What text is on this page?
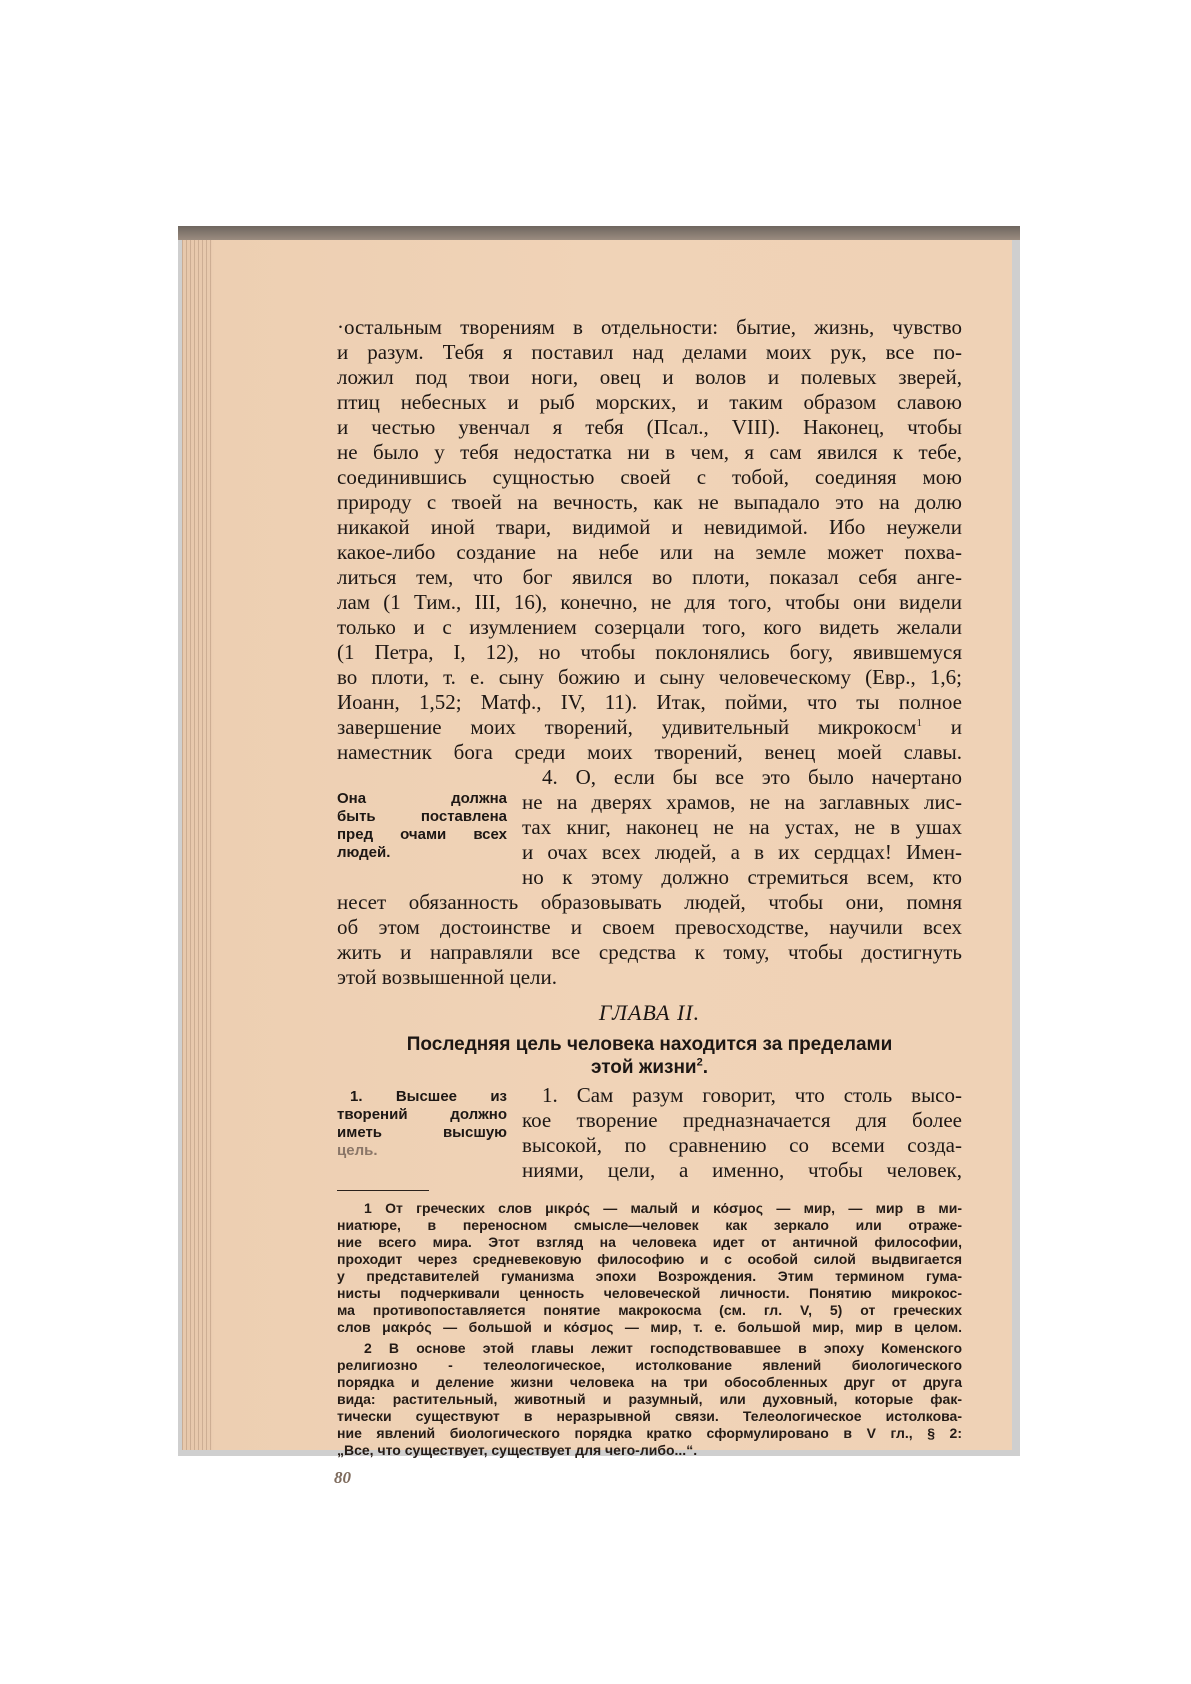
·остальным творениям в отдельности: бытие, жизнь, чувство
и разум. Тебя я поставил над делами моих рук, все по-
ложил под твои ноги, овец и волов и полевых зверей,
птиц небесных и рыб морских, и таким образом славою
и честью увенчал я тебя (Псал., VIII). Наконец, чтобы
не было у тебя недостатка ни в чем, я сам явился к тебе,
соединившись сущностью своей с тобой, соединяя мою
природу с твоей на вечность, как не выпадало это на долю
никакой иной твари, видимой и невидимой. Ибо неужели
какое-либо создание на небе или на земле может похва-
литься тем, что бог явился во плоти, показал себя анге-
лам (1 Тим., III, 16), конечно, не для того, чтобы они видели
только и с изумлением созерцали того, кого видеть желали
(1 Петра, I, 12), но чтобы поклонялись богу, явившемуся
во плоти, т. е. сыну божию и сыну человеческому (Евр., 1,6;
Иоанн, 1,52; Матф., IV, 11). Итак, пойми, что ты полное
завершение моих творений, удивительный микрокосм$^1$ и
наместник бога среди моих творений, венец моей славы.
4. О, если бы все это было начертано
не на дверях храмов, не на заглавных лис-
тах книг, наконец не на устах, не в ушах
и очах всех людей, а в их сердцах! Имен-
но к этому должно стремиться всем, кто
Она должна
быть поставлена
пред очами всех
людей.
несет обязанность образовывать людей, чтобы они, помня
об этом достоинстве и своем превосходстве, научили всех
жить и направляли все средства к тому, чтобы достигнуть
этой возвышенной цели.
ГЛАВА II.
Последняя цель человека находится за пределами
этой жизни$^2$.
1. Сам разум говорит, что столь высо-
кое творение предназначается для более
высокой, по сравнению со всеми созда-
ниями, цели, а именно, чтобы человек,
1. Высшее из
творений должно
иметь высшую
цель.
1 От греческих слов μικρός — малый и κόσμος — мир, — мир в ми-
ниатюре, в переносном смысле—человек как зеркало или отраже-
ние всего мира. Этот взгляд на человека идет от античной философии,
проходит через средневековую философию и с особой силой выдвигается
у представителей гуманизма эпохи Возрождения. Этим термином гума-
нисты подчеркивали ценность человеческой личности. Понятию микрокос-
ма противопоставляется понятие макрокосма (см. гл. V, 5) от греческих
слов μακρός — большой и κόσμος — мир, т. е. большой мир, мир в целом.
2 В основе этой главы лежит господствовавшее в эпоху Коменского
религиозно - телеологическое, истолкование явлений биологического
порядка и деление жизни человека на три обособленных друг от друга
вида: растительный, животный и разумный, или духовный, которые фак-
тически существуют в неразрывной связи. Телеологическое истолкова-
ние явлений биологического порядка кратко сформулировано в V гл., § 2:
„Все, что существует, существует для чего-либо...“.
80
